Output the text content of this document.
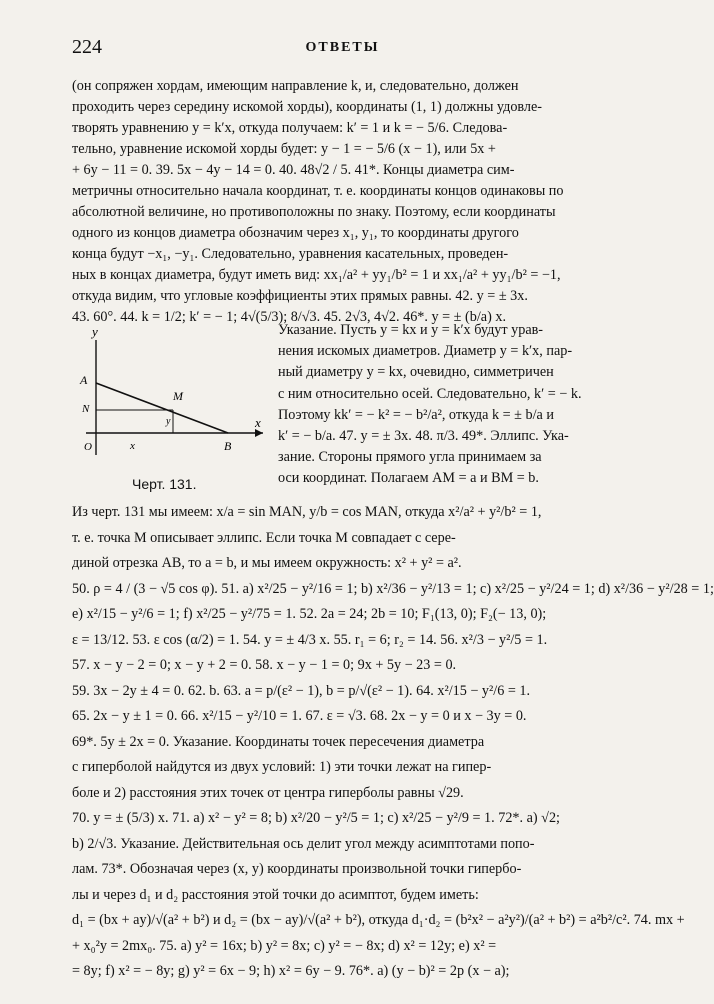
224	ОТВЕТЫ
(он сопряжен хордам, имеющим направление k, и, следовательно, должен
проходить через середину искомой хорды), координаты (1, 1) должны удовле-
творять уравнению y = k′x, откуда получаем: k′ = 1 и k = − 5/6. Следова-
тельно, уравнение искомой хорды будет: y − 1 = − 5/6 (x − 1), или 5x +
+ 6y − 11 = 0. 39. 5x − 4y − 14 = 0. 40. 48√2 / 5. 41*. Концы диаметра сим-
метричны относительно начала координат, т. е. координаты концов одинаковы по
абсолютной величине, но противоположны по знаку. Поэтому, если координаты
одного из концов диаметра обозначим через x₁, y₁, то координаты другого
конца будут −x₁, −y₁. Следовательно, уравнения касательных, проведен-
ных в концах диаметра, будут иметь вид: xx₁/a² + yy₁/b² = 1 и xx₁/a² + yy₁/b² = −1,
откуда видим, что угловые коэффициенты этих прямых равны. 42. y = ± 3x.
43. 60°. 44. k = 1/2; k′ = − 1; 4√(5/3); 8/√3. 45. 2√3, 4√2. 46*. y = ± (b/a) x.
y
x
A
M
N
O	B
x
y
Черт. 131.
Указание. Пусть y = kx и y = k′x будут урав-
нения искомых диаметров. Диаметр y = k′x, пар-
ный диаметру y = kx, очевидно, симметричен
с ним относительно осей. Следовательно, k′ = − k.
Поэтому kk′ = − k² = − b²/a², откуда k = ± b/a и
k′ = − b/a. 47. y = ± 3x. 48. π/3. 49*. Эллипс. Ука-
зание. Стороны прямого угла принимаем за
оси координат. Полагаем AM = a и BM = b.
Из черт. 131 мы имеем: x/a = sin MAN, y/b = cos MAN, откуда x²/a² + y²/b² = 1,
т. е. точка M описывает эллипс. Если точка M совпадает с сере-
диной отрезка AB, то a = b, и мы имеем окружность: x² + y² = a².
50. ρ = 4 / (3 − √5 cos φ). 51. a) x²/25 − y²/16 = 1; b) x²/36 − y²/13 = 1; c) x²/25 − y²/24 = 1; d) x²/36 − y²/28 = 1;
e) x²/15 − y²/6 = 1; f) x²/25 − y²/75 = 1. 52. 2a = 24; 2b = 10; F₁(13, 0); F₂(− 13, 0);
ε = 13/12. 53. ε cos (α/2) = 1. 54. y = ± 4/3 x. 55. r₁ = 6; r₂ = 14. 56. x²/3 − y²/5 = 1.
57. x − y − 2 = 0; x − y + 2 = 0. 58. x − y − 1 = 0; 9x + 5y − 23 = 0.
59. 3x − 2y ± 4 = 0. 62. b. 63. a = p/(ε² − 1), b = p/√(ε² − 1). 64. x²/15 − y²/6 = 1.
65. 2x − y ± 1 = 0. 66. x²/15 − y²/10 = 1. 67. ε = √3. 68. 2x − y = 0 и x − 3y = 0.
69*. 5y ± 2x = 0. Указание. Координаты точек пересечения диаметра
с гиперболой найдутся из двух условий: 1) эти точки лежат на гипер-
боле и 2) расстояния этих точек от центра гиперболы равны √29.
70. y = ± (5/3) x. 71. a) x² − y² = 8; b) x²/20 − y²/5 = 1; c) x²/25 − y²/9 = 1. 72*. a) √2;
b) 2/√3. Указание. Действительная ось делит угол между асимптотами попо-
лам. 73*. Обозначая через (x, y) координаты произвольной точки гипербо-
лы и через d₁ и d₂ расстояния этой точки до асимптот, будем иметь:
d₁ = (bx + ay)/√(a² + b²) и d₂ = (bx − ay)/√(a² + b²), откуда d₁·d₂ = (b²x² − a²y²)/(a² + b²) = a²b²/c². 74. mx +
+ x₀²y = 2mx₀. 75. a) y² = 16x; b) y² = 8x; c) y² = − 8x; d) x² = 12y; e) x² =
= 8y; f) x² = − 8y; g) y² = 6x − 9; h) x² = 6y − 9. 76*. a) (y − b)² = 2p (x − a);
